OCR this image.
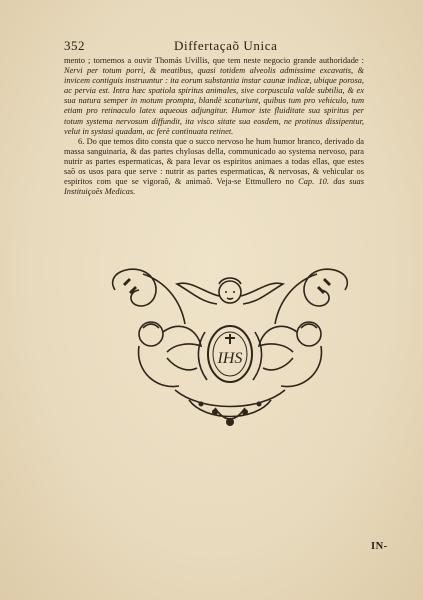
352	Differtaçaõ Unica

mento ; tornemos a ouvir Thomás Uvillis, que tem neste negocio grande authoridade : Nervi per totum porri, & meatibus, quasi totidem alveolis admissime excavatis, & invicem contiguis instruuntur : ita eorum substantia instar caunæ indicæ, ubique porosa, ac pervia est. Intra hæc spatiola spiritus animales, sive corpuscula valde subtilia, & ex sua natura semper in motum prompta, blandè scaturiunt, quibus tum pro vehiculo, tum etiam pro retinaculo latex aqueous adjungitur. Humor iste fluiditate sua spiritus per totum systema nervosum diffundit, ita visco sitate sua eosdem, ne protinus dissipentur, velut in systasi quadam, ac ferè continuata retinet.

6. Do que temos dito consta que o succo nervoso he hum humor branco, derivado da massa sanguinaria, & das partes chylosas della, communicado ao systema nervoso, para nutrir as partes espermaticas, & para levar os espiritos animaes a todas ellas, que estes saõ os usos para que serve : nutrir as partes espermaticas, & nervosas, & vehicular os espiritos com que se vigoraõ, & animaõ. Veja-se Ettmullero no Cap. 10. das suas Instituiçoẽs Medicas.

IHS
IN-
